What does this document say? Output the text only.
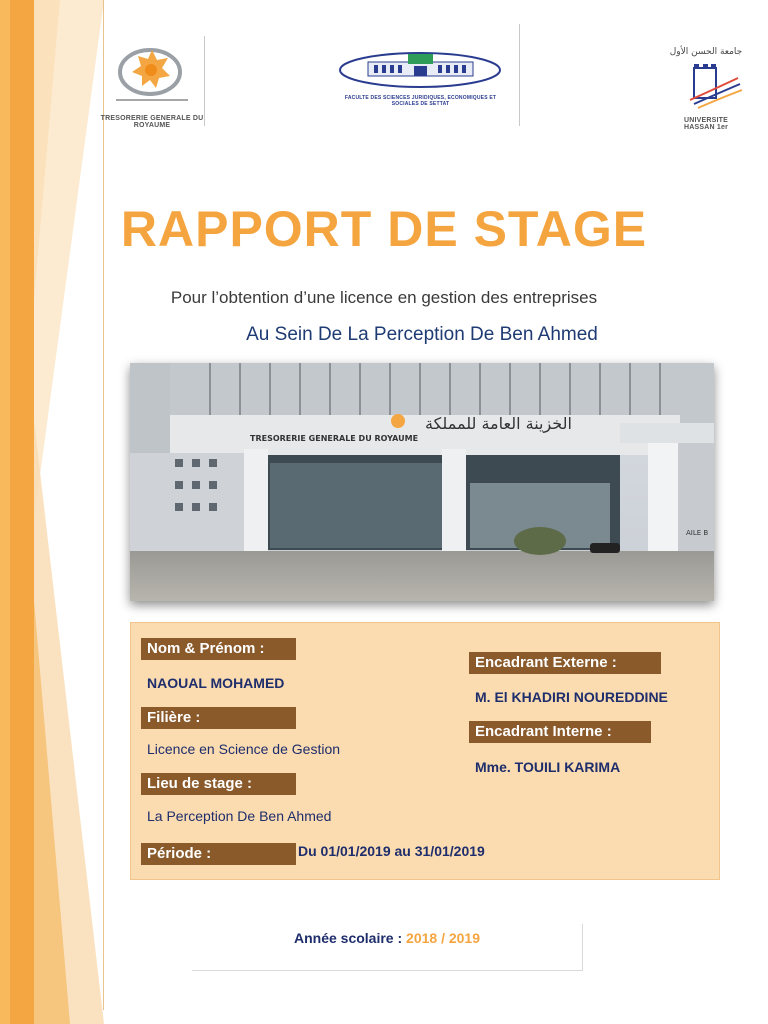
TRESORERIE GENERALE DU ROYAUME
FACULTE DES SCIENCES JURIDIQUES, ECONOMIQUES ET SOCIALES DE SETTAT
جامعة الحسن الأول
UNIVERSITE HASSAN 1er
RAPPORT DE STAGE
Pour l’obtention d’une licence en gestion des entreprises
Au Sein De La Perception De Ben Ahmed
TRESORERIE GENERALE DU ROYAUME
الخزينة العامة للمملكة
AILE B
Nom & Prénom :
NAOUAL MOHAMED
Filière :
Licence en Science de Gestion
Lieu de stage :
La Perception De Ben Ahmed
Période :	Du 01/01/2019 au 31/01/2019
Encadrant Externe :
M. El KHADIRI NOUREDDINE
Encadrant Interne :
Mme. TOUILI KARIMA
Année scolaire : 2018 / 2019
